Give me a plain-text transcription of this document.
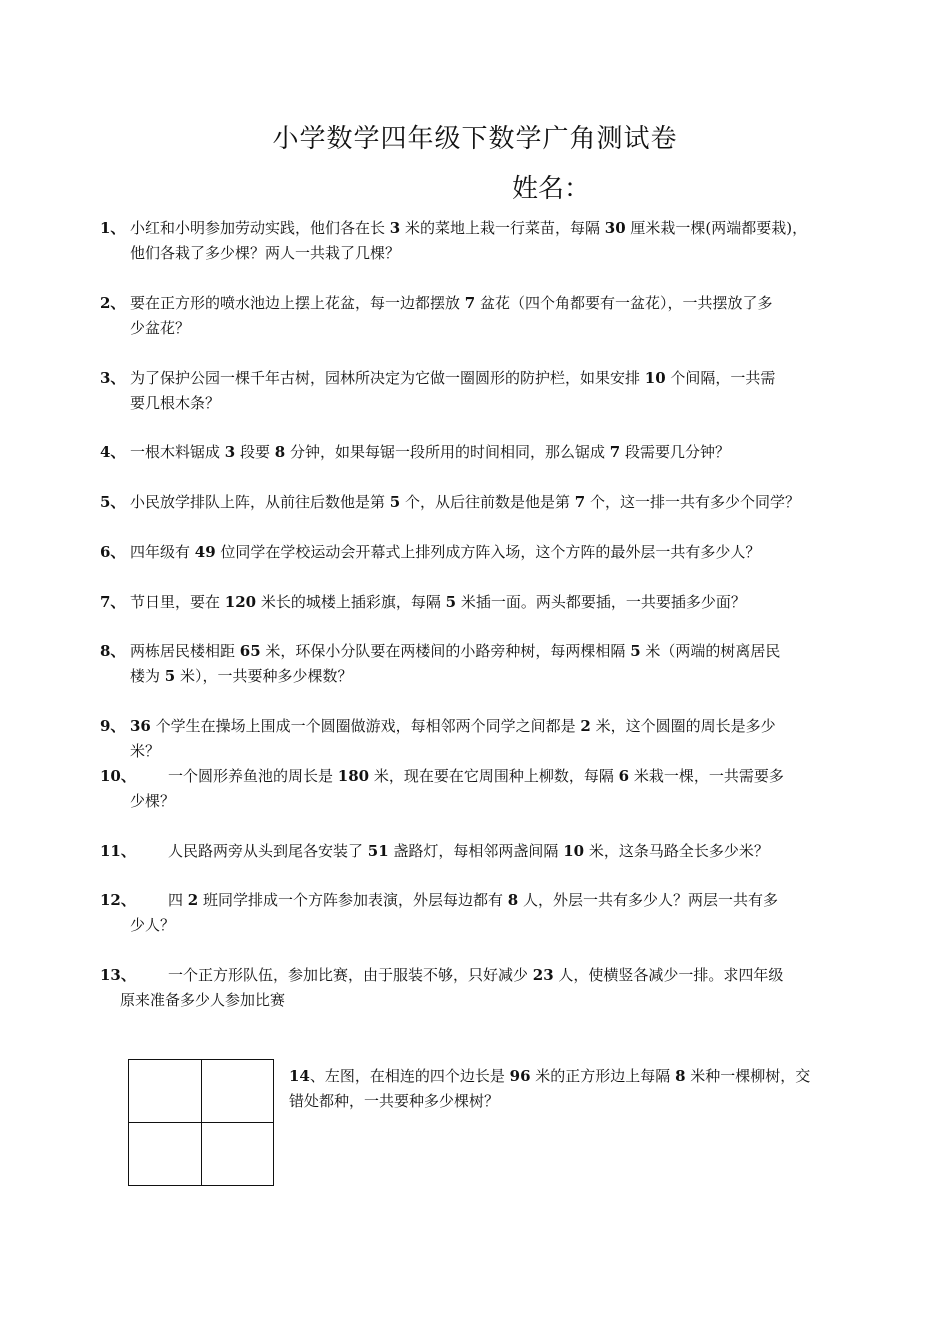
小学数学四年级下数学广角测试卷
姓名：
1、 小红和小明参加劳动实践，他们各在长 3 米的菜地上栽一行菜苗，每隔 30 厘米栽一棵(两端都要栽)，
他们各栽了多少棵？两人一共栽了几棵？
2、 要在正方形的喷水池边上摆上花盆，每一边都摆放 7 盆花（四个角都要有一盆花），一共摆放了多
少盆花？
3、 为了保护公园一棵千年古树，园林所决定为它做一圈圆形的防护栏，如果安排 10 个间隔，一共需
要几根木条？
4、 一根木料锯成 3 段要 8 分钟，如果每锯一段所用的时间相同，那么锯成 7 段需要几分钟？
5、 小民放学排队上阵，从前往后数他是第 5 个，从后往前数是他是第 7 个，这一排一共有多少个同学？
6、 四年级有 49 位同学在学校运动会开幕式上排列成方阵入场，这个方阵的最外层一共有多少人？
7、 节日里，要在 120 米长的城楼上插彩旗，每隔 5 米插一面。两头都要插，一共要插多少面？
8、 两栋居民楼相距 65 米，环保小分队要在两楼间的小路旁种树，每两棵相隔 5 米（两端的树离居民
楼为 5 米），一共要种多少棵数？
9、 36 个学生在操场上围成一个圆圈做游戏，每相邻两个同学之间都是 2 米，这个圆圈的周长是多少
米？
10、 一个圆形养鱼池的周长是 180 米，现在要在它周围种上柳数，每隔 6 米栽一棵，一共需要多
少棵？
11、 人民路两旁从头到尾各安装了 51 盏路灯，每相邻两盏间隔 10 米，这条马路全长多少米？
12、 四 2 班同学排成一个方阵参加表演，外层每边都有 8 人，外层一共有多少人？两层一共有多
少人？
13、 一个正方形队伍，参加比赛，由于服装不够，只好减少 23 人，使横竖各减少一排。求四年级
原来准备多少人参加比赛
14、左图，在相连的四个边长是 96 米的正方形边上每隔 8 米种一棵柳树，交
错处都种，一共要种多少棵树？
